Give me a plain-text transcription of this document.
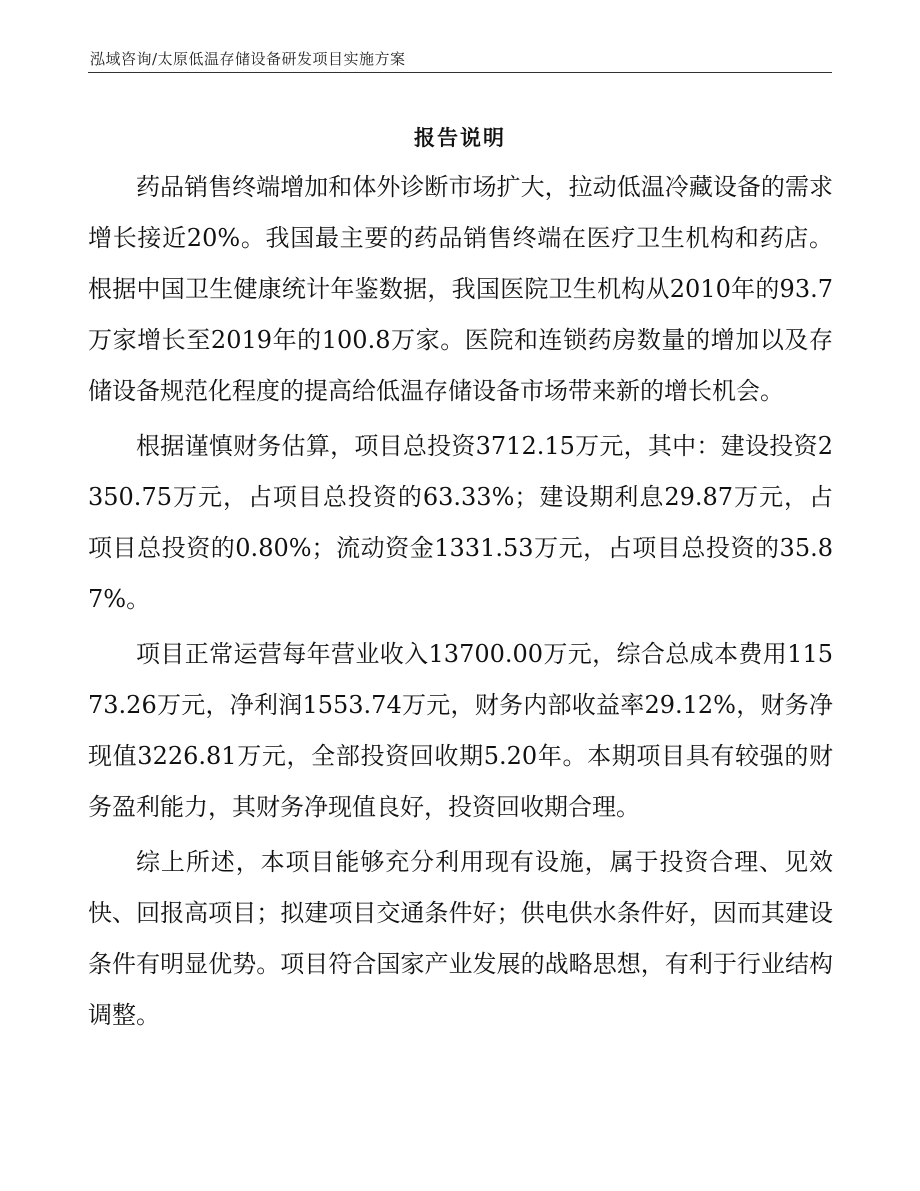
泓域咨询/太原低温存储设备研发项目实施方案
报告说明

药品销售终端增加和体外诊断市场扩大，拉动低温冷藏设备的需求增长接近20%。我国最主要的药品销售终端在医疗卫生机构和药店。根据中国卫生健康统计年鉴数据，我国医院卫生机构从2010年的93.7万家增长至2019年的100.8万家。医院和连锁药房数量的增加以及存储设备规范化程度的提高给低温存储设备市场带来新的增长机会。

根据谨慎财务估算，项目总投资3712.15万元，其中：建设投资2350.75万元，占项目总投资的63.33%；建设期利息29.87万元，占项目总投资的0.80%；流动资金1331.53万元，占项目总投资的35.87%。

项目正常运营每年营业收入13700.00万元，综合总成本费用11573.26万元，净利润1553.74万元，财务内部收益率29.12%，财务净现值3226.81万元，全部投资回收期5.20年。本期项目具有较强的财务盈利能力，其财务净现值良好，投资回收期合理。

综上所述，本项目能够充分利用现有设施，属于投资合理、见效快、回报高项目；拟建项目交通条件好；供电供水条件好，因而其建设条件有明显优势。项目符合国家产业发展的战略思想，有利于行业结构调整。
